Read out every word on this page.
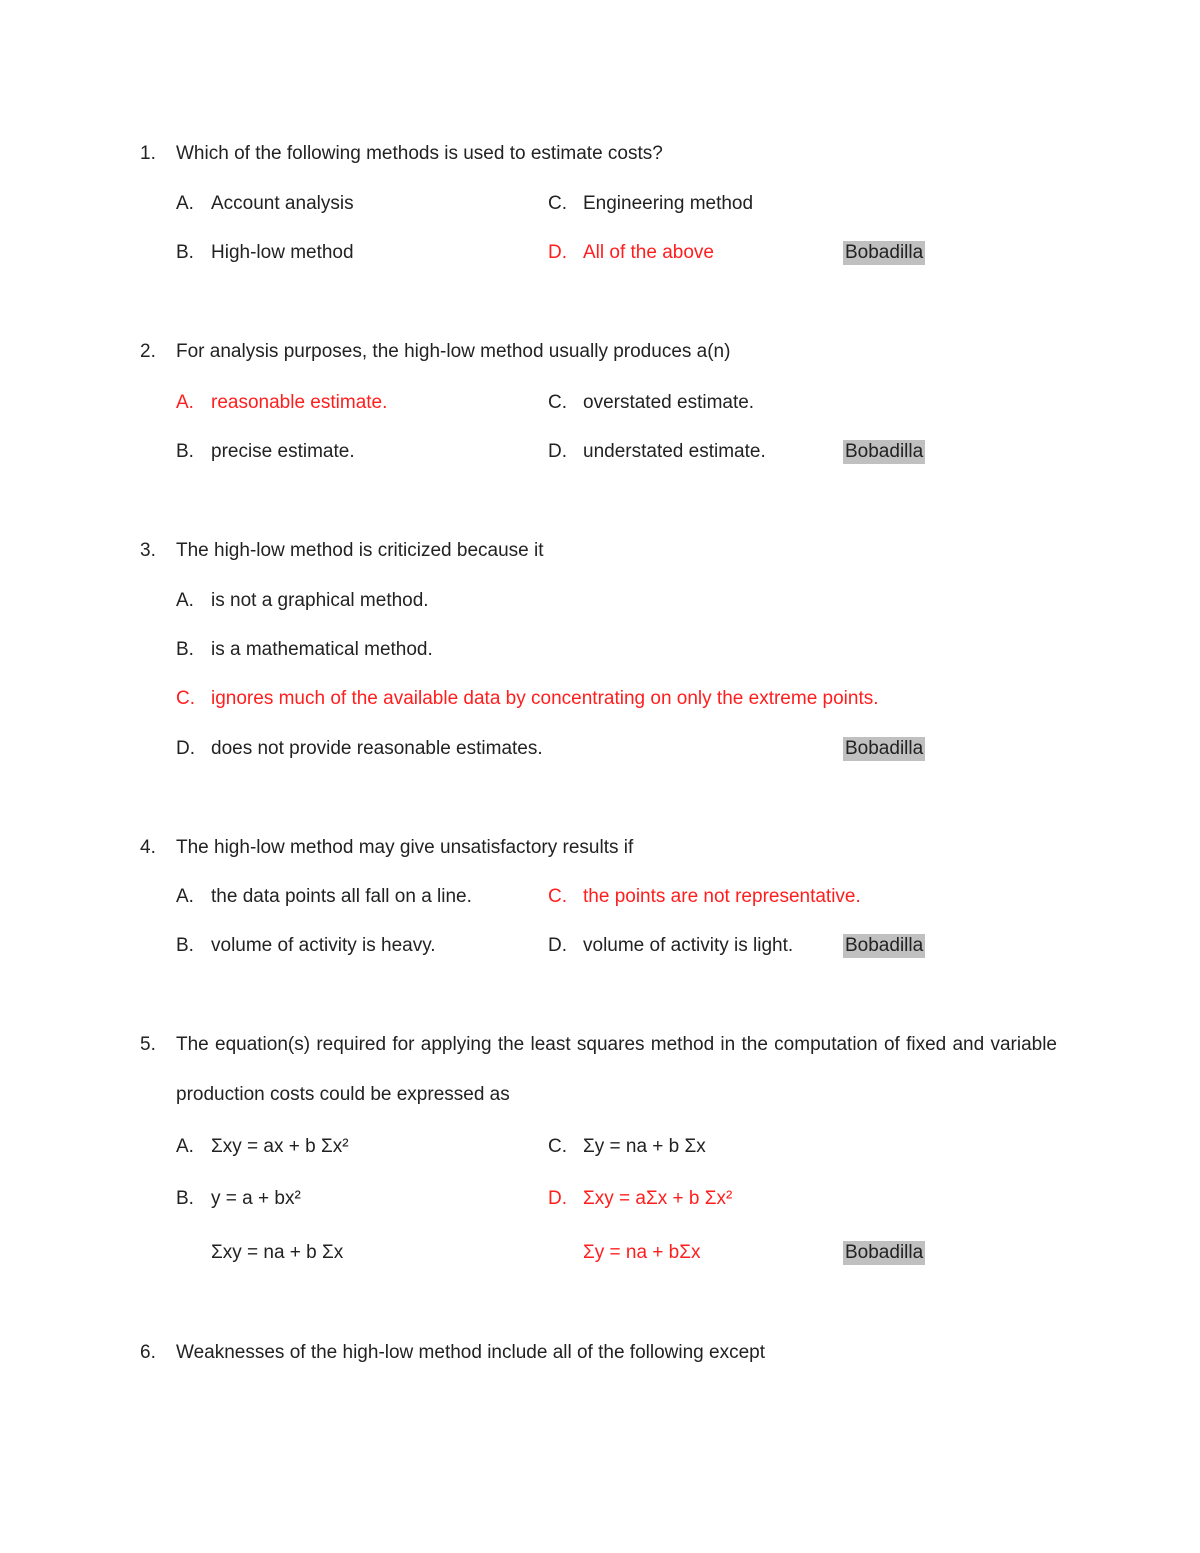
1. Which of the following methods is used to estimate costs?
A. Account analysis	C. Engineering method
B. High-low method	D. All of the above	Bobadilla
2. For analysis purposes, the high-low method usually produces a(n)
A. reasonable estimate.	C. overstated estimate.
B. precise estimate.	D. understated estimate.	Bobadilla
3. The high-low method is criticized because it
A. is not a graphical method.
B. is a mathematical method.
C. ignores much of the available data by concentrating on only the extreme points.
D. does not provide reasonable estimates.	Bobadilla
4. The high-low method may give unsatisfactory results if
A. the data points all fall on a line.	C. the points are not representative.
B. volume of activity is heavy.	D. volume of activity is light.	Bobadilla
5. The equation(s) required for applying the least squares method in the computation of fixed and variable
production costs could be expressed as
A. Σxy = ax + b Σx²	C. Σy = na + b Σx
B. y = a + bx²	D. Σxy = aΣx + b Σx²
Σxy = na + b Σx	Σy = na + bΣx	Bobadilla
6. Weaknesses of the high-low method include all of the following except
